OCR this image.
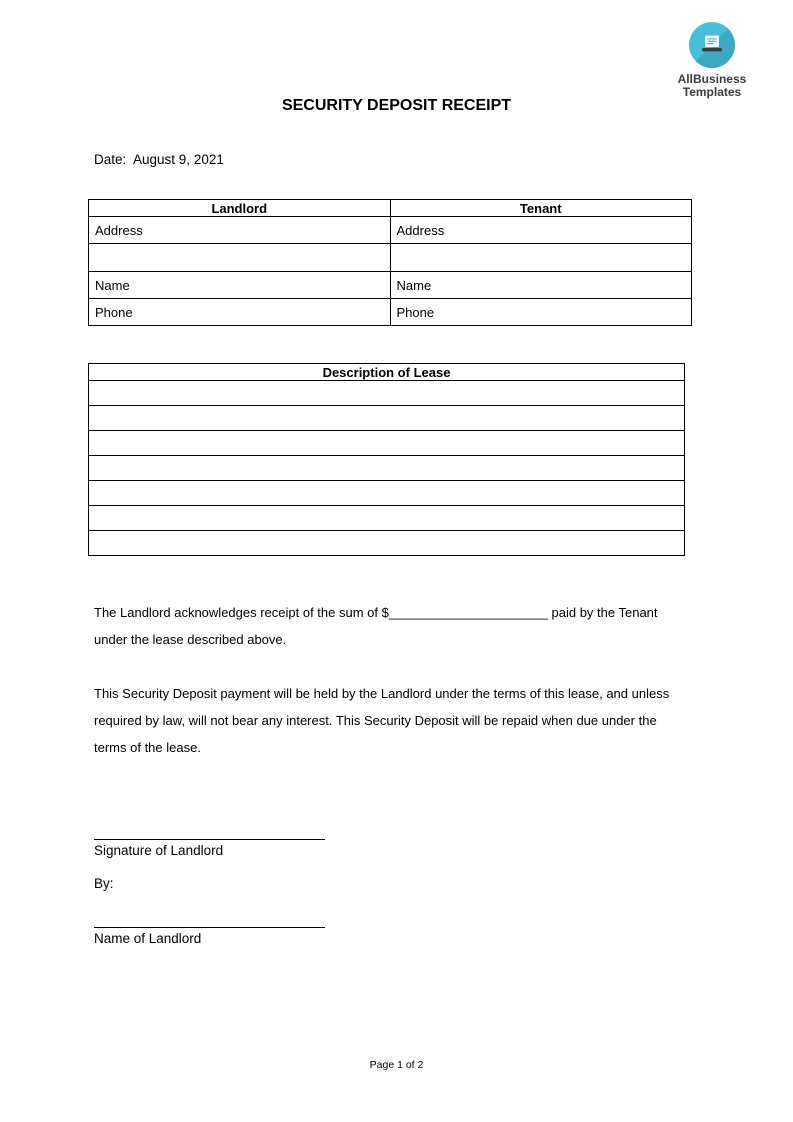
AllBusiness
Templates
SECURITY DEPOSIT RECEIPT
Date:  August 9, 2021
Landlord	Tenant
Address	Address

Name	Name
Phone	Phone
Description of Lease

The Landlord acknowledges receipt of the sum of $______________________ paid by the Tenant
under the lease described above.
This Security Deposit payment will be held by the Landlord under the terms of this lease, and unless
required by law, will not bear any interest. This Security Deposit will be repaid when due under the
terms of the lease.
Signature of Landlord
By:
Name of Landlord
Page 1 of 2
